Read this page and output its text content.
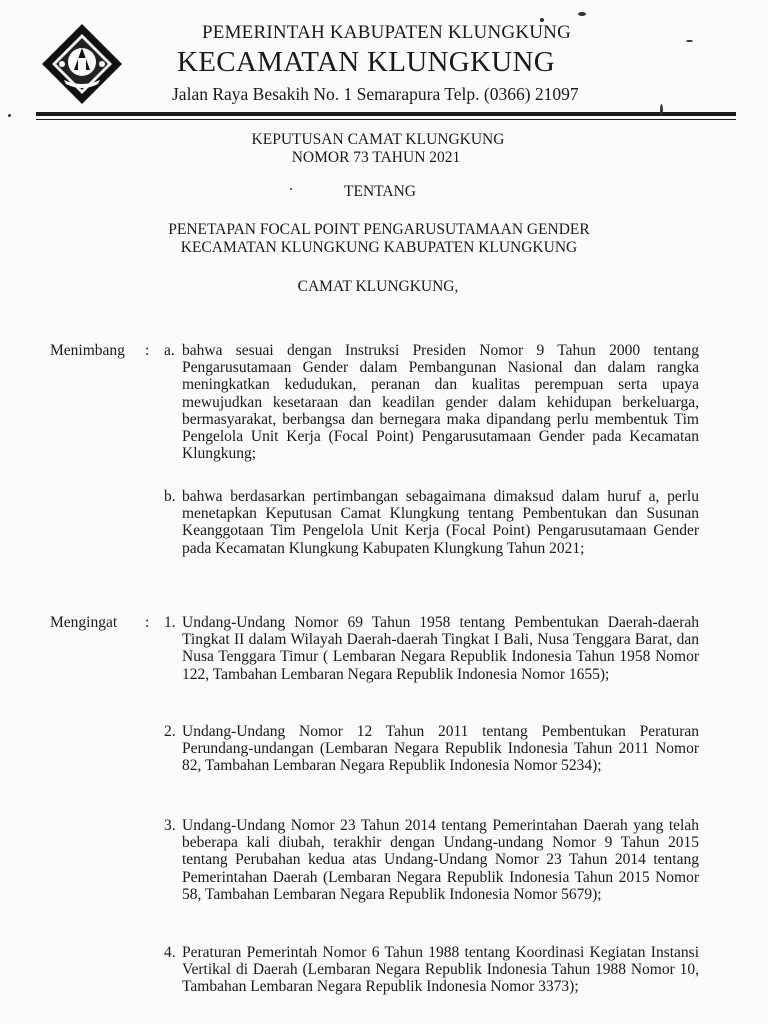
PEMERINTAH KABUPATEN KLUNGKUNG
KECAMATAN KLUNGKUNG
Jalan Raya Besakih No. 1 Semarapura Telp. (0366) 21097
KEPUTUSAN CAMAT KLUNGKUNG
NOMOR 73 TAHUN 2021
TENTANG
PENETAPAN FOCAL POINT PENGARUSUTAMAAN GENDER
KECAMATAN KLUNGKUNG KABUPATEN KLUNGKUNG
CAMAT KLUNGKUNG,
Menimbang : a. bahwa sesuai dengan Instruksi Presiden Nomor 9 Tahun 2000 tentang Pengarusutamaan Gender dalam Pembangunan Nasional dan dalam rangka meningkatkan kedudukan, peranan dan kualitas perempuan serta upaya mewujudkan kesetaraan dan keadilan gender dalam kehidupan berkeluarga, bermasyarakat, berbangsa dan bernegara maka dipandang perlu membentuk Tim Pengelola Unit Kerja (Focal Point) Pengarusutamaan Gender pada Kecamatan Klungkung;
b. bahwa berdasarkan pertimbangan sebagaimana dimaksud dalam huruf a, perlu menetapkan Keputusan Camat Klungkung tentang Pembentukan dan Susunan Keanggotaan Tim Pengelola Unit Kerja (Focal Point) Pengarusutamaan Gender pada Kecamatan Klungkung Kabupaten Klungkung Tahun 2021;
Mengingat : 1. Undang-Undang Nomor 69 Tahun 1958 tentang Pembentukan Daerah-daerah Tingkat II dalam Wilayah Daerah-daerah Tingkat I Bali, Nusa Tenggara Barat, dan Nusa Tenggara Timur ( Lembaran Negara Republik Indonesia Tahun 1958 Nomor 122, Tambahan Lembaran Negara Republik Indonesia Nomor 1655);
2. Undang-Undang Nomor 12 Tahun 2011 tentang Pembentukan Peraturan Perundang-undangan (Lembaran Negara Republik Indonesia Tahun 2011 Nomor 82, Tambahan Lembaran Negara Republik Indonesia Nomor 5234);
3. Undang-Undang Nomor 23 Tahun 2014 tentang Pemerintahan Daerah yang telah beberapa kali diubah, terakhir dengan Undang-undang Nomor 9 Tahun 2015 tentang Perubahan kedua atas Undang-Undang Nomor 23 Tahun 2014 tentang Pemerintahan Daerah (Lembaran Negara Republik Indonesia Tahun 2015 Nomor 58, Tambahan Lembaran Negara Republik Indonesia Nomor 5679);
4. Peraturan Pemerintah Nomor 6 Tahun 1988 tentang Koordinasi Kegiatan Instansi Vertikal di Daerah (Lembaran Negara Republik Indonesia Tahun 1988 Nomor 10, Tambahan Lembaran Negara Republik Indonesia Nomor 3373);
